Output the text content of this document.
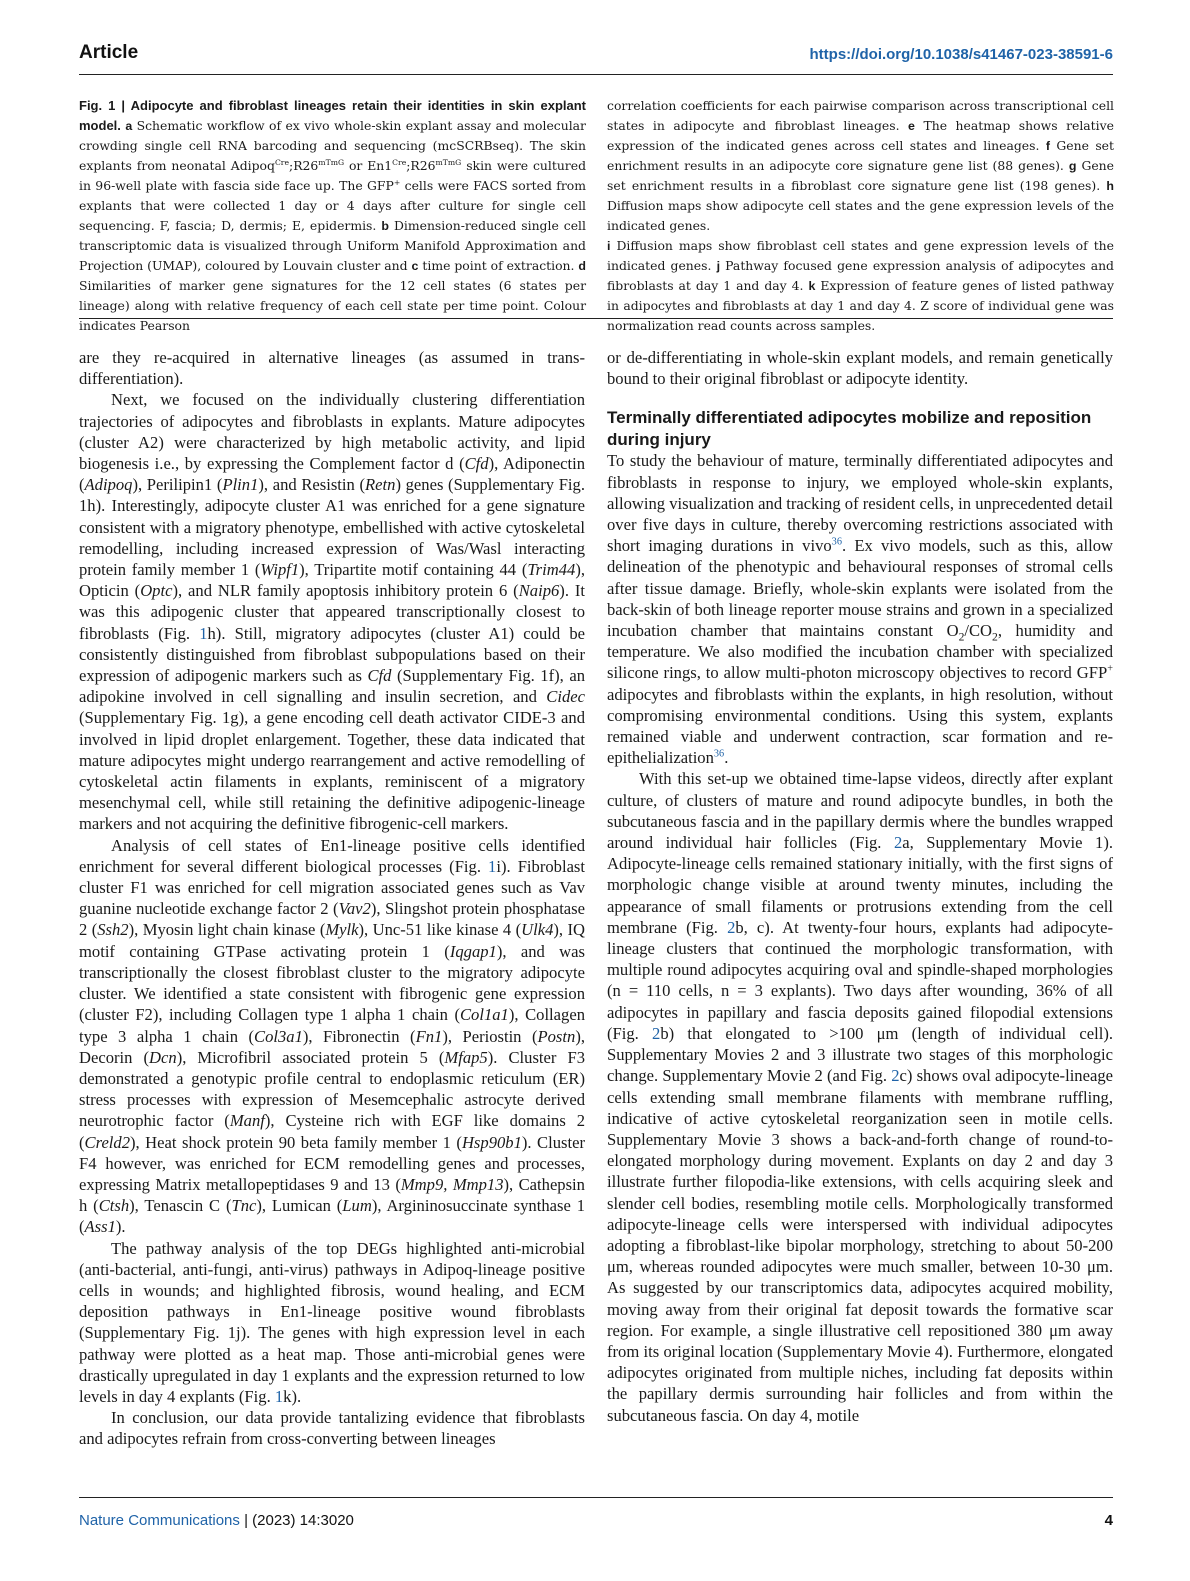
Article	https://doi.org/10.1038/s41467-023-38591-6
Fig. 1 | Adipocyte and fibroblast lineages retain their identities in skin explant model. a Schematic workflow of ex vivo whole-skin explant assay and molecular crowding single cell RNA barcoding and sequencing (mcSCRBseq). The skin explants from neonatal $Adipoq^{Cre};R26^{mTmG}$ or $En1^{Cre};R26^{mTmG}$ skin were cultured in 96-well plate with fascia side face up. The GFP+ cells were FACS sorted from explants that were collected 1 day or 4 days after culture for single cell sequencing. F, fascia; D, dermis; E, epidermis. b Dimension-reduced single cell transcriptomic data is visualized through Uniform Manifold Approximation and Projection (UMAP), coloured by Louvain cluster and c time point of extraction. d Similarities of marker gene signatures for the 12 cell states (6 states per lineage) along with relative frequency of each cell state per time point. Colour indicates Pearson
correlation coefficients for each pairwise comparison across transcriptional cell states in adipocyte and fibroblast lineages. e The heatmap shows relative expression of the indicated genes across cell states and lineages. f Gene set enrichment results in an adipocyte core signature gene list (88 genes). g Gene set enrichment results in a fibroblast core signature gene list (198 genes). h Diffusion maps show adipocyte cell states and the gene expression levels of the indicated genes.
i Diffusion maps show fibroblast cell states and gene expression levels of the indicated genes. j Pathway focused gene expression analysis of adipocytes and fibroblasts at day 1 and day 4. k Expression of feature genes of listed pathway in adipocytes and fibroblasts at day 1 and day 4. Z score of individual gene was normalization read counts across samples.

are they re-acquired in alternative lineages (as assumed in trans-differentiation).

Next, we focused on the individually clustering differentiation trajectories of adipocytes and fibroblasts in explants. Mature adipocytes (cluster A2) were characterized by high metabolic activity, and lipid biogenesis i.e., by expressing the Complement factor d (Cfd), Adiponectin (Adipoq), Perilipin1 (Plin1), and Resistin (Retn) genes (Supplementary Fig. 1h). Interestingly, adipocyte cluster A1 was enriched for a gene signature consistent with a migratory phenotype, embellished with active cytoskeletal remodelling, including increased expression of Was/Wasl interacting protein family member 1 (Wipf1), Tripartite motif containing 44 (Trim44), Opticin (Optc), and NLR family apoptosis inhibitory protein 6 (Naip6). It was this adipogenic cluster that appeared transcriptionally closest to fibroblasts (Fig. 1h). Still, migratory adipocytes (cluster A1) could be consistently distinguished from fibroblast subpopulations based on their expression of adipogenic markers such as Cfd (Supplementary Fig. 1f), an adipokine involved in cell signalling and insulin secretion, and Cidec (Supplementary Fig. 1g), a gene encoding cell death activator CIDE-3 and involved in lipid droplet enlargement. Together, these data indicated that mature adipocytes might undergo rearrangement and active remodelling of cytoskeletal actin filaments in explants, reminiscent of a migratory mesenchymal cell, while still retaining the definitive adipogenic-lineage markers and not acquiring the definitive fibrogenic-cell markers.

Analysis of cell states of En1-lineage positive cells identified enrichment for several different biological processes (Fig. 1i). Fibroblast cluster F1 was enriched for cell migration associated genes such as Vav guanine nucleotide exchange factor 2 (Vav2), Slingshot protein phosphatase 2 (Ssh2), Myosin light chain kinase (Mylk), Unc-51 like kinase 4 (Ulk4), IQ motif containing GTPase activating protein 1 (Iqgap1), and was transcriptionally the closest fibroblast cluster to the migratory adipocyte cluster. We identified a state consistent with fibrogenic gene expression (cluster F2), including Collagen type 1 alpha 1 chain (Col1a1), Collagen type 3 alpha 1 chain (Col3a1), Fibronectin (Fn1), Periostin (Postn), Decorin (Dcn), Microfibril associated protein 5 (Mfap5). Cluster F3 demonstrated a genotypic profile central to endoplasmic reticulum (ER) stress processes with expression of Mesemcephalic astrocyte derived neurotrophic factor (Manf), Cysteine rich with EGF like domains 2 (Creld2), Heat shock protein 90 beta family member 1 (Hsp90b1). Cluster F4 however, was enriched for ECM remodelling genes and processes, expressing Matrix metallopeptidases 9 and 13 (Mmp9, Mmp13), Cathepsin h (Ctsh), Tenascin C (Tnc), Lumican (Lum), Argininosuccinate synthase 1 (Ass1).

The pathway analysis of the top DEGs highlighted anti-microbial (anti-bacterial, anti-fungi, anti-virus) pathways in Adipoq-lineage positive cells in wounds; and highlighted fibrosis, wound healing, and ECM deposition pathways in En1-lineage positive wound fibroblasts (Supplementary Fig. 1j). The genes with high expression level in each pathway were plotted as a heat map. Those anti-microbial genes were drastically upregulated in day 1 explants and the expression returned to low levels in day 4 explants (Fig. 1k).

In conclusion, our data provide tantalizing evidence that fibroblasts and adipocytes refrain from cross-converting between lineages

or de-differentiating in whole-skin explant models, and remain genetically bound to their original fibroblast or adipocyte identity.

Terminally differentiated adipocytes mobilize and reposition during injury

To study the behaviour of mature, terminally differentiated adipocytes and fibroblasts in response to injury, we employed whole-skin explants, allowing visualization and tracking of resident cells, in unprecedented detail over five days in culture, thereby overcoming restrictions associated with short imaging durations in vivo$^{36}$. Ex vivo models, such as this, allow delineation of the phenotypic and behavioural responses of stromal cells after tissue damage. Briefly, whole-skin explants were isolated from the back-skin of both lineage reporter mouse strains and grown in a specialized incubation chamber that maintains constant $O_2/CO_2$, humidity and temperature. We also modified the incubation chamber with specialized silicone rings, to allow multi-photon microscopy objectives to record GFP+ adipocytes and fibroblasts within the explants, in high resolution, without compromising environmental conditions. Using this system, explants remained viable and underwent contraction, scar formation and re-epithelialization$^{36}$.

With this set-up we obtained time-lapse videos, directly after explant culture, of clusters of mature and round adipocyte bundles, in both the subcutaneous fascia and in the papillary dermis where the bundles wrapped around individual hair follicles (Fig. 2a, Supplementary Movie 1). Adipocyte-lineage cells remained stationary initially, with the first signs of morphologic change visible at around twenty minutes, including the appearance of small filaments or protrusions extending from the cell membrane (Fig. 2b, c). At twenty-four hours, explants had adipocyte-lineage clusters that continued the morphologic transformation, with multiple round adipocytes acquiring oval and spindle-shaped morphologies (n = 110 cells, n = 3 explants). Two days after wounding, 36% of all adipocytes in papillary and fascia deposits gained filopodial extensions (Fig. 2b) that elongated to >100 μm (length of individual cell). Supplementary Movies 2 and 3 illustrate two stages of this morphologic change. Supplementary Movie 2 (and Fig. 2c) shows oval adipocyte-lineage cells extending small membrane filaments with membrane ruffling, indicative of active cytoskeletal reorganization seen in motile cells. Supplementary Movie 3 shows a back-and-forth change of round-to-elongated morphology during movement. Explants on day 2 and day 3 illustrate further filopodia-like extensions, with cells acquiring sleek and slender cell bodies, resembling motile cells. Morphologically transformed adipocyte-lineage cells were interspersed with individual adipocytes adopting a fibroblast-like bipolar morphology, stretching to about 50-200 μm, whereas rounded adipocytes were much smaller, between 10-30 μm. As suggested by our transcriptomics data, adipocytes acquired mobility, moving away from their original fat deposit towards the formative scar region. For example, a single illustrative cell repositioned 380 μm away from its original location (Supplementary Movie 4). Furthermore, elongated adipocytes originated from multiple niches, including fat deposits within the papillary dermis surrounding hair follicles and from within the subcutaneous fascia. On day 4, motile

Nature Communications | (2023) 14:3020	4
